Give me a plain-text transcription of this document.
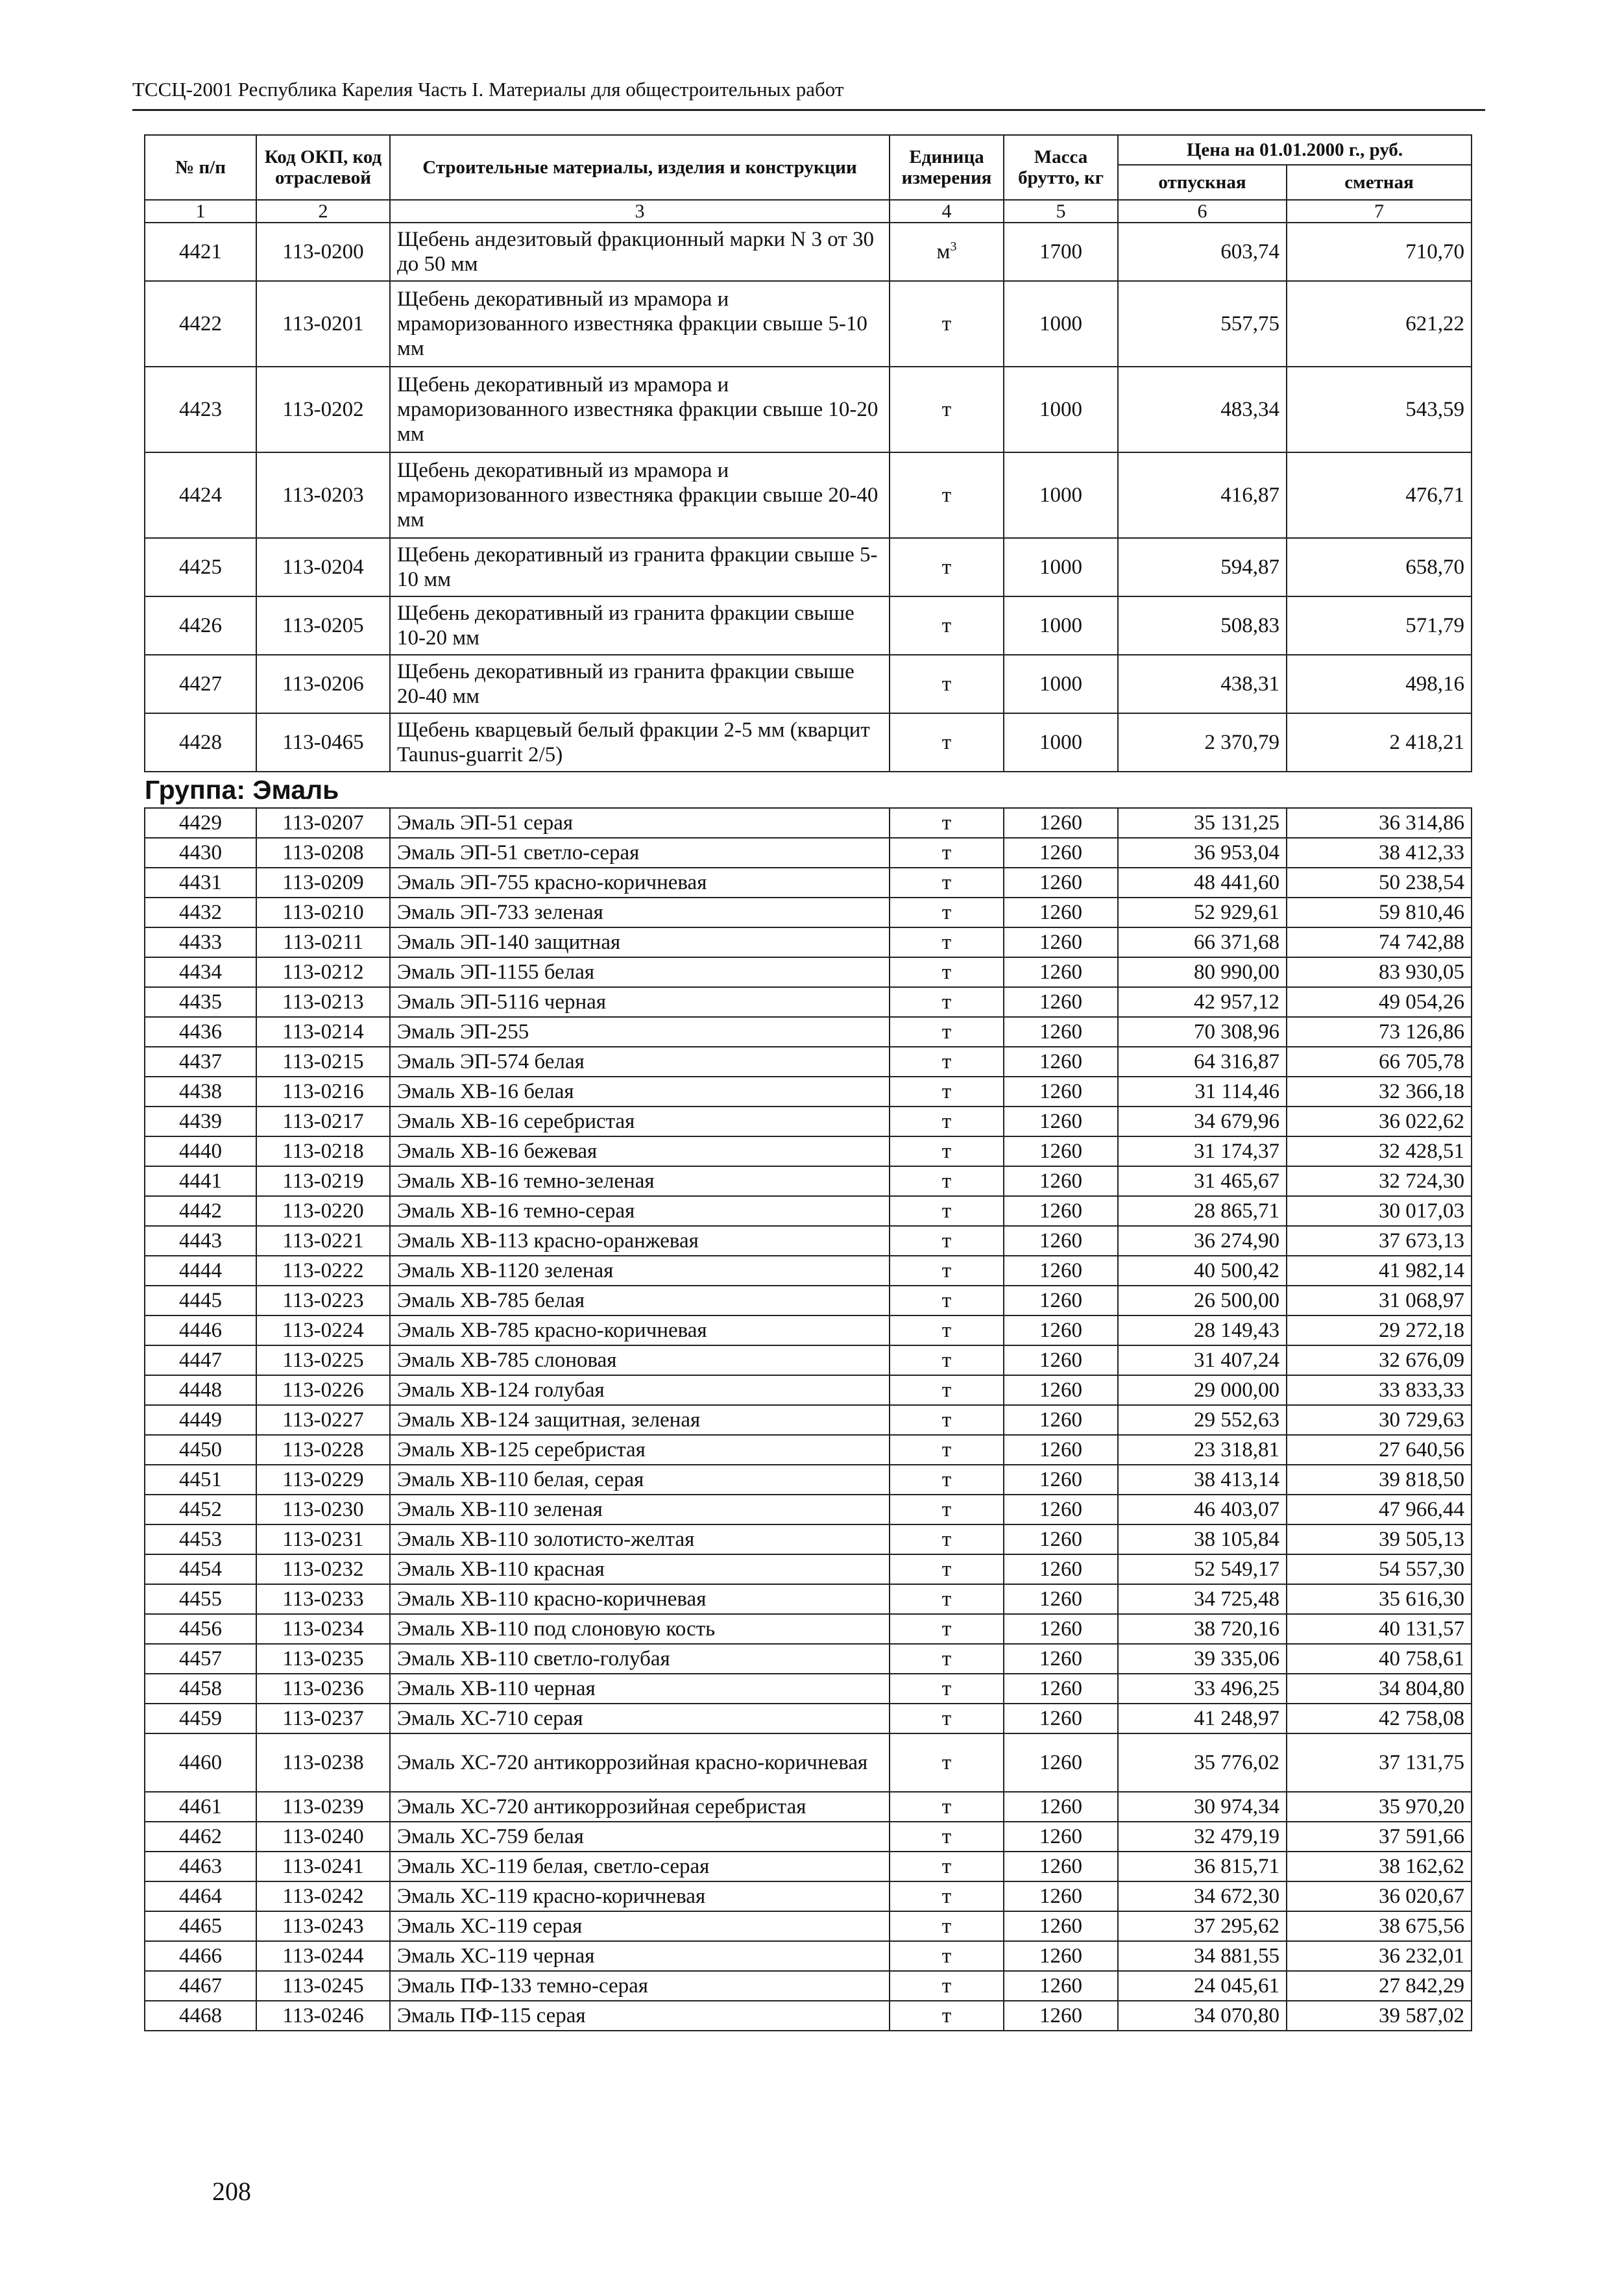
ТССЦ-2001 Республика Карелия Часть I. Материалы для общестроительных работ
№ п/п	Код ОКП, код отраслевой	Строительные материалы, изделия и конструкции	Единица измерения	Масса брутто, кг	Цена на 01.01.2000 г., руб.	
					отпускная	сметная
1	2	3	4	5	6	7
4421	113-0200	Щебень андезитовый фракционный марки N 3 от 30 до 50 мм	$м^3$	1700	603,74	710,70
4422	113-0201	Щебень декоративный из мрамора и мраморизованного известняка фракции свыше 5-10 мм	т	1000	557,75	621,22
4423	113-0202	Щебень декоративный из мрамора и мраморизованного известняка фракции свыше 10-20 мм	т	1000	483,34	543,59
4424	113-0203	Щебень декоративный из мрамора и мраморизованного известняка фракции свыше 20-40 мм	т	1000	416,87	476,71
4425	113-0204	Щебень декоративный из гранита фракции свыше 5-10 мм	т	1000	594,87	658,70
4426	113-0205	Щебень декоративный из гранита фракции свыше 10-20 мм	т	1000	508,83	571,79
4427	113-0206	Щебень декоративный из гранита фракции свыше 20-40 мм	т	1000	438,31	498,16
4428	113-0465	Щебень кварцевый белый фракции 2-5 мм (кварцит Taunus-guarrit 2/5)	т	1000	2 370,79	2 418,21
Группа: Эмаль						
4429	113-0207	Эмаль ЭП-51 серая	т	1260	35 131,25	36 314,86
4430	113-0208	Эмаль ЭП-51 светло-серая	т	1260	36 953,04	38 412,33
4431	113-0209	Эмаль ЭП-755 красно-коричневая	т	1260	48 441,60	50 238,54
4432	113-0210	Эмаль ЭП-733 зеленая	т	1260	52 929,61	59 810,46
4433	113-0211	Эмаль ЭП-140 защитная	т	1260	66 371,68	74 742,88
4434	113-0212	Эмаль ЭП-1155 белая	т	1260	80 990,00	83 930,05
4435	113-0213	Эмаль ЭП-5116 черная	т	1260	42 957,12	49 054,26
4436	113-0214	Эмаль ЭП-255	т	1260	70 308,96	73 126,86
4437	113-0215	Эмаль ЭП-574 белая	т	1260	64 316,87	66 705,78
4438	113-0216	Эмаль ХВ-16 белая	т	1260	31 114,46	32 366,18
4439	113-0217	Эмаль ХВ-16 серебристая	т	1260	34 679,96	36 022,62
4440	113-0218	Эмаль ХВ-16 бежевая	т	1260	31 174,37	32 428,51
4441	113-0219	Эмаль ХВ-16 темно-зеленая	т	1260	31 465,67	32 724,30
4442	113-0220	Эмаль ХВ-16 темно-серая	т	1260	28 865,71	30 017,03
4443	113-0221	Эмаль ХВ-113 красно-оранжевая	т	1260	36 274,90	37 673,13
4444	113-0222	Эмаль ХВ-1120 зеленая	т	1260	40 500,42	41 982,14
4445	113-0223	Эмаль ХВ-785 белая	т	1260	26 500,00	31 068,97
4446	113-0224	Эмаль ХВ-785 красно-коричневая	т	1260	28 149,43	29 272,18
4447	113-0225	Эмаль ХВ-785 слоновая	т	1260	31 407,24	32 676,09
4448	113-0226	Эмаль ХВ-124 голубая	т	1260	29 000,00	33 833,33
4449	113-0227	Эмаль ХВ-124 защитная, зеленая	т	1260	29 552,63	30 729,63
4450	113-0228	Эмаль ХВ-125 серебристая	т	1260	23 318,81	27 640,56
4451	113-0229	Эмаль ХВ-110 белая, серая	т	1260	38 413,14	39 818,50
4452	113-0230	Эмаль ХВ-110 зеленая	т	1260	46 403,07	47 966,44
4453	113-0231	Эмаль ХВ-110 золотисто-желтая	т	1260	38 105,84	39 505,13
4454	113-0232	Эмаль ХВ-110 красная	т	1260	52 549,17	54 557,30
4455	113-0233	Эмаль ХВ-110 красно-коричневая	т	1260	34 725,48	35 616,30
4456	113-0234	Эмаль ХВ-110 под слоновую кость	т	1260	38 720,16	40 131,57
4457	113-0235	Эмаль ХВ-110 светло-голубая	т	1260	39 335,06	40 758,61
4458	113-0236	Эмаль ХВ-110 черная	т	1260	33 496,25	34 804,80
4459	113-0237	Эмаль ХС-710 серая	т	1260	41 248,97	42 758,08
4460	113-0238	Эмаль ХС-720 антикоррозийная красно-коричневая	т	1260	35 776,02	37 131,75
4461	113-0239	Эмаль ХС-720 антикоррозийная серебристая	т	1260	30 974,34	35 970,20
4462	113-0240	Эмаль ХС-759 белая	т	1260	32 479,19	37 591,66
4463	113-0241	Эмаль ХС-119 белая, светло-серая	т	1260	36 815,71	38 162,62
4464	113-0242	Эмаль ХС-119 красно-коричневая	т	1260	34 672,30	36 020,67
4465	113-0243	Эмаль ХС-119 серая	т	1260	37 295,62	38 675,56
4466	113-0244	Эмаль ХС-119 черная	т	1260	34 881,55	36 232,01
4467	113-0245	Эмаль ПФ-133 темно-серая	т	1260	24 045,61	27 842,29
4468	113-0246	Эмаль ПФ-115 серая	т	1260	34 070,80	39 587,02
208
